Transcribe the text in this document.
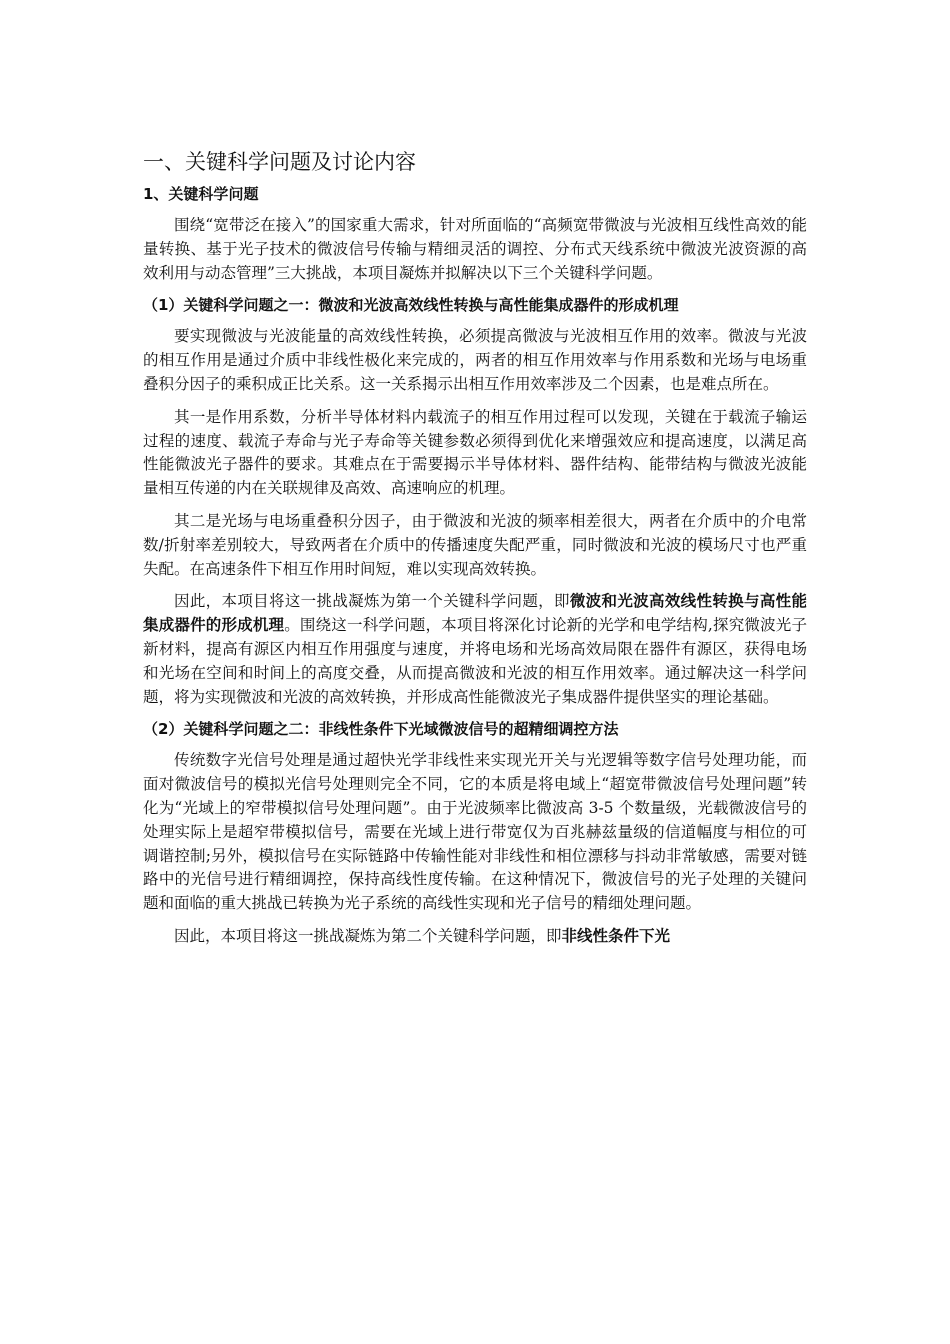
一、关键科学问题及讨论内容
1、关键科学问题

围绕“宽带泛在接入”的国家重大需求，针对所面临的“高频宽带微波与光波相互线性高效的能量转换、基于光子技术的微波信号传输与精细灵活的调控、分布式天线系统中微波光波资源的高效利用与动态管理”三大挑战，本项目凝炼并拟解决以下三个关键科学问题。

（1）关键科学问题之一：微波和光波高效线性转换与高性能集成器件的形成机理

要实现微波与光波能量的高效线性转换，必须提高微波与光波相互作用的效率。微波与光波的相互作用是通过介质中非线性极化来完成的，两者的相互作用效率与作用系数和光场与电场重叠积分因子的乘积成正比关系。这一关系揭示出相互作用效率涉及二个因素，也是难点所在。

其一是作用系数，分析半导体材料内载流子的相互作用过程可以发现，关键在于载流子输运过程的速度、载流子寿命与光子寿命等关键参数必须得到优化来增强效应和提高速度，以满足高性能微波光子器件的要求。其难点在于需要揭示半导体材料、器件结构、能带结构与微波光波能量相互传递的内在关联规律及高效、高速响应的机理。

其二是光场与电场重叠积分因子，由于微波和光波的频率相差很大，两者在介质中的介电常数/折射率差别较大，导致两者在介质中的传播速度失配严重，同时微波和光波的模场尺寸也严重失配。在高速条件下相互作用时间短，难以实现高效转换。

因此，本项目将这一挑战凝炼为第一个关键科学问题，即微波和光波高效线性转换与高性能集成器件的形成机理。围绕这一科学问题，本项目将深化讨论新的光学和电学结构,探究微波光子新材料，提高有源区内相互作用强度与速度，并将电场和光场高效局限在器件有源区，获得电场和光场在空间和时间上的高度交叠，从而提高微波和光波的相互作用效率。通过解决这一科学问题，将为实现微波和光波的高效转换，并形成高性能微波光子集成器件提供坚实的理论基础。

（2）关键科学问题之二：非线性条件下光域微波信号的超精细调控方法

传统数字光信号处理是通过超快光学非线性来实现光开关与光逻辑等数字信号处理功能，而面对微波信号的模拟光信号处理则完全不同，它的本质是将电域上“超宽带微波信号处理问题”转化为“光域上的窄带模拟信号处理问题”。由于光波频率比微波高 3-5 个数量级，光载微波信号的处理实际上是超窄带模拟信号，需要在光域上进行带宽仅为百兆赫兹量级的信道幅度与相位的可调谐控制;另外，模拟信号在实际链路中传输性能对非线性和相位漂移与抖动非常敏感，需要对链路中的光信号进行精细调控，保持高线性度传输。在这种情况下，微波信号的光子处理的关键问题和面临的重大挑战已转换为光子系统的高线性实现和光子信号的精细处理问题。

因此，本项目将这一挑战凝炼为第二个关键科学问题，即非线性条件下光
